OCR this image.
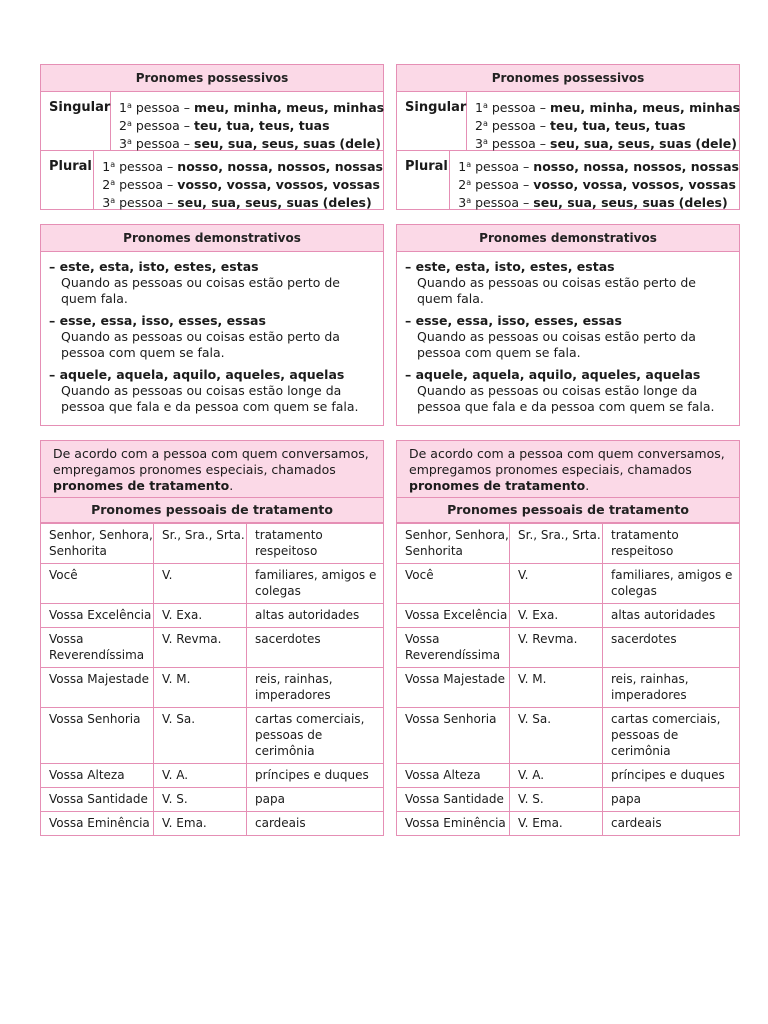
Pronomes possessivos
Singular 1$^a$ pessoa – meu, minha, meus, minhas
2$^a$ pessoa – teu, tua, teus, tuas
3$^a$ pessoa – seu, sua, seus, suas (dele)
Plural 1$^a$ pessoa – nosso, nossa, nossos, nossas
2$^a$ pessoa – vosso, vossa, vossos, vossas
3$^a$ pessoa – seu, sua, seus, suas (deles)
Pronomes demonstrativos
– este, esta, isto, estes, estas
Quando as pessoas ou coisas estão perto de quem fala.
– esse, essa, isso, esses, essas
Quando as pessoas ou coisas estão perto da pessoa com quem se fala.
– aquele, aquela, aquilo, aqueles, aquelas
Quando as pessoas ou coisas estão longe da pessoa que fala e da pessoa com quem se fala.
De acordo com a pessoa com quem conversamos, empregamos pronomes especiais, chamados pronomes de tratamento.
Pronomes pessoais de tratamento
Senhor, Senhora, Senhorita	Sr., Sra., Srta.	tratamento respeitoso
Você	V.	familiares, amigos e colegas
Vossa Excelência	V. Exa.	altas autoridades
Vossa Reverendíssima	V. Revma.	sacerdotes
Vossa Majestade	V. M.	reis, rainhas, imperadores
Vossa Senhoria	V. Sa.	cartas comerciais, pessoas de cerimônia
Vossa Alteza	V. A.	príncipes e duques
Vossa Santidade	V. S.	papa
Vossa Eminência	V. Ema.	cardeais
Pronomes possessivos
Singular 1$^a$ pessoa – meu, minha, meus, minhas
2$^a$ pessoa – teu, tua, teus, tuas
3$^a$ pessoa – seu, sua, seus, suas (dele)
Plural 1$^a$ pessoa – nosso, nossa, nossos, nossas
2$^a$ pessoa – vosso, vossa, vossos, vossas
3$^a$ pessoa – seu, sua, seus, suas (deles)
Pronomes demonstrativos
– este, esta, isto, estes, estas
Quando as pessoas ou coisas estão perto de quem fala.
– esse, essa, isso, esses, essas
Quando as pessoas ou coisas estão perto da pessoa com quem se fala.
– aquele, aquela, aquilo, aqueles, aquelas
Quando as pessoas ou coisas estão longe da pessoa que fala e da pessoa com quem se fala.
De acordo com a pessoa com quem conversamos, empregamos pronomes especiais, chamados pronomes de tratamento.
Pronomes pessoais de tratamento
Senhor, Senhora, Senhorita	Sr., Sra., Srta.	tratamento respeitoso
Você	V.	familiares, amigos e colegas
Vossa Excelência	V. Exa.	altas autoridades
Vossa Reverendíssima	V. Revma.	sacerdotes
Vossa Majestade	V. M.	reis, rainhas, imperadores
Vossa Senhoria	V. Sa.	cartas comerciais, pessoas de cerimônia
Vossa Alteza	V. A.	príncipes e duques
Vossa Santidade	V. S.	papa
Vossa Eminência	V. Ema.	cardeais
